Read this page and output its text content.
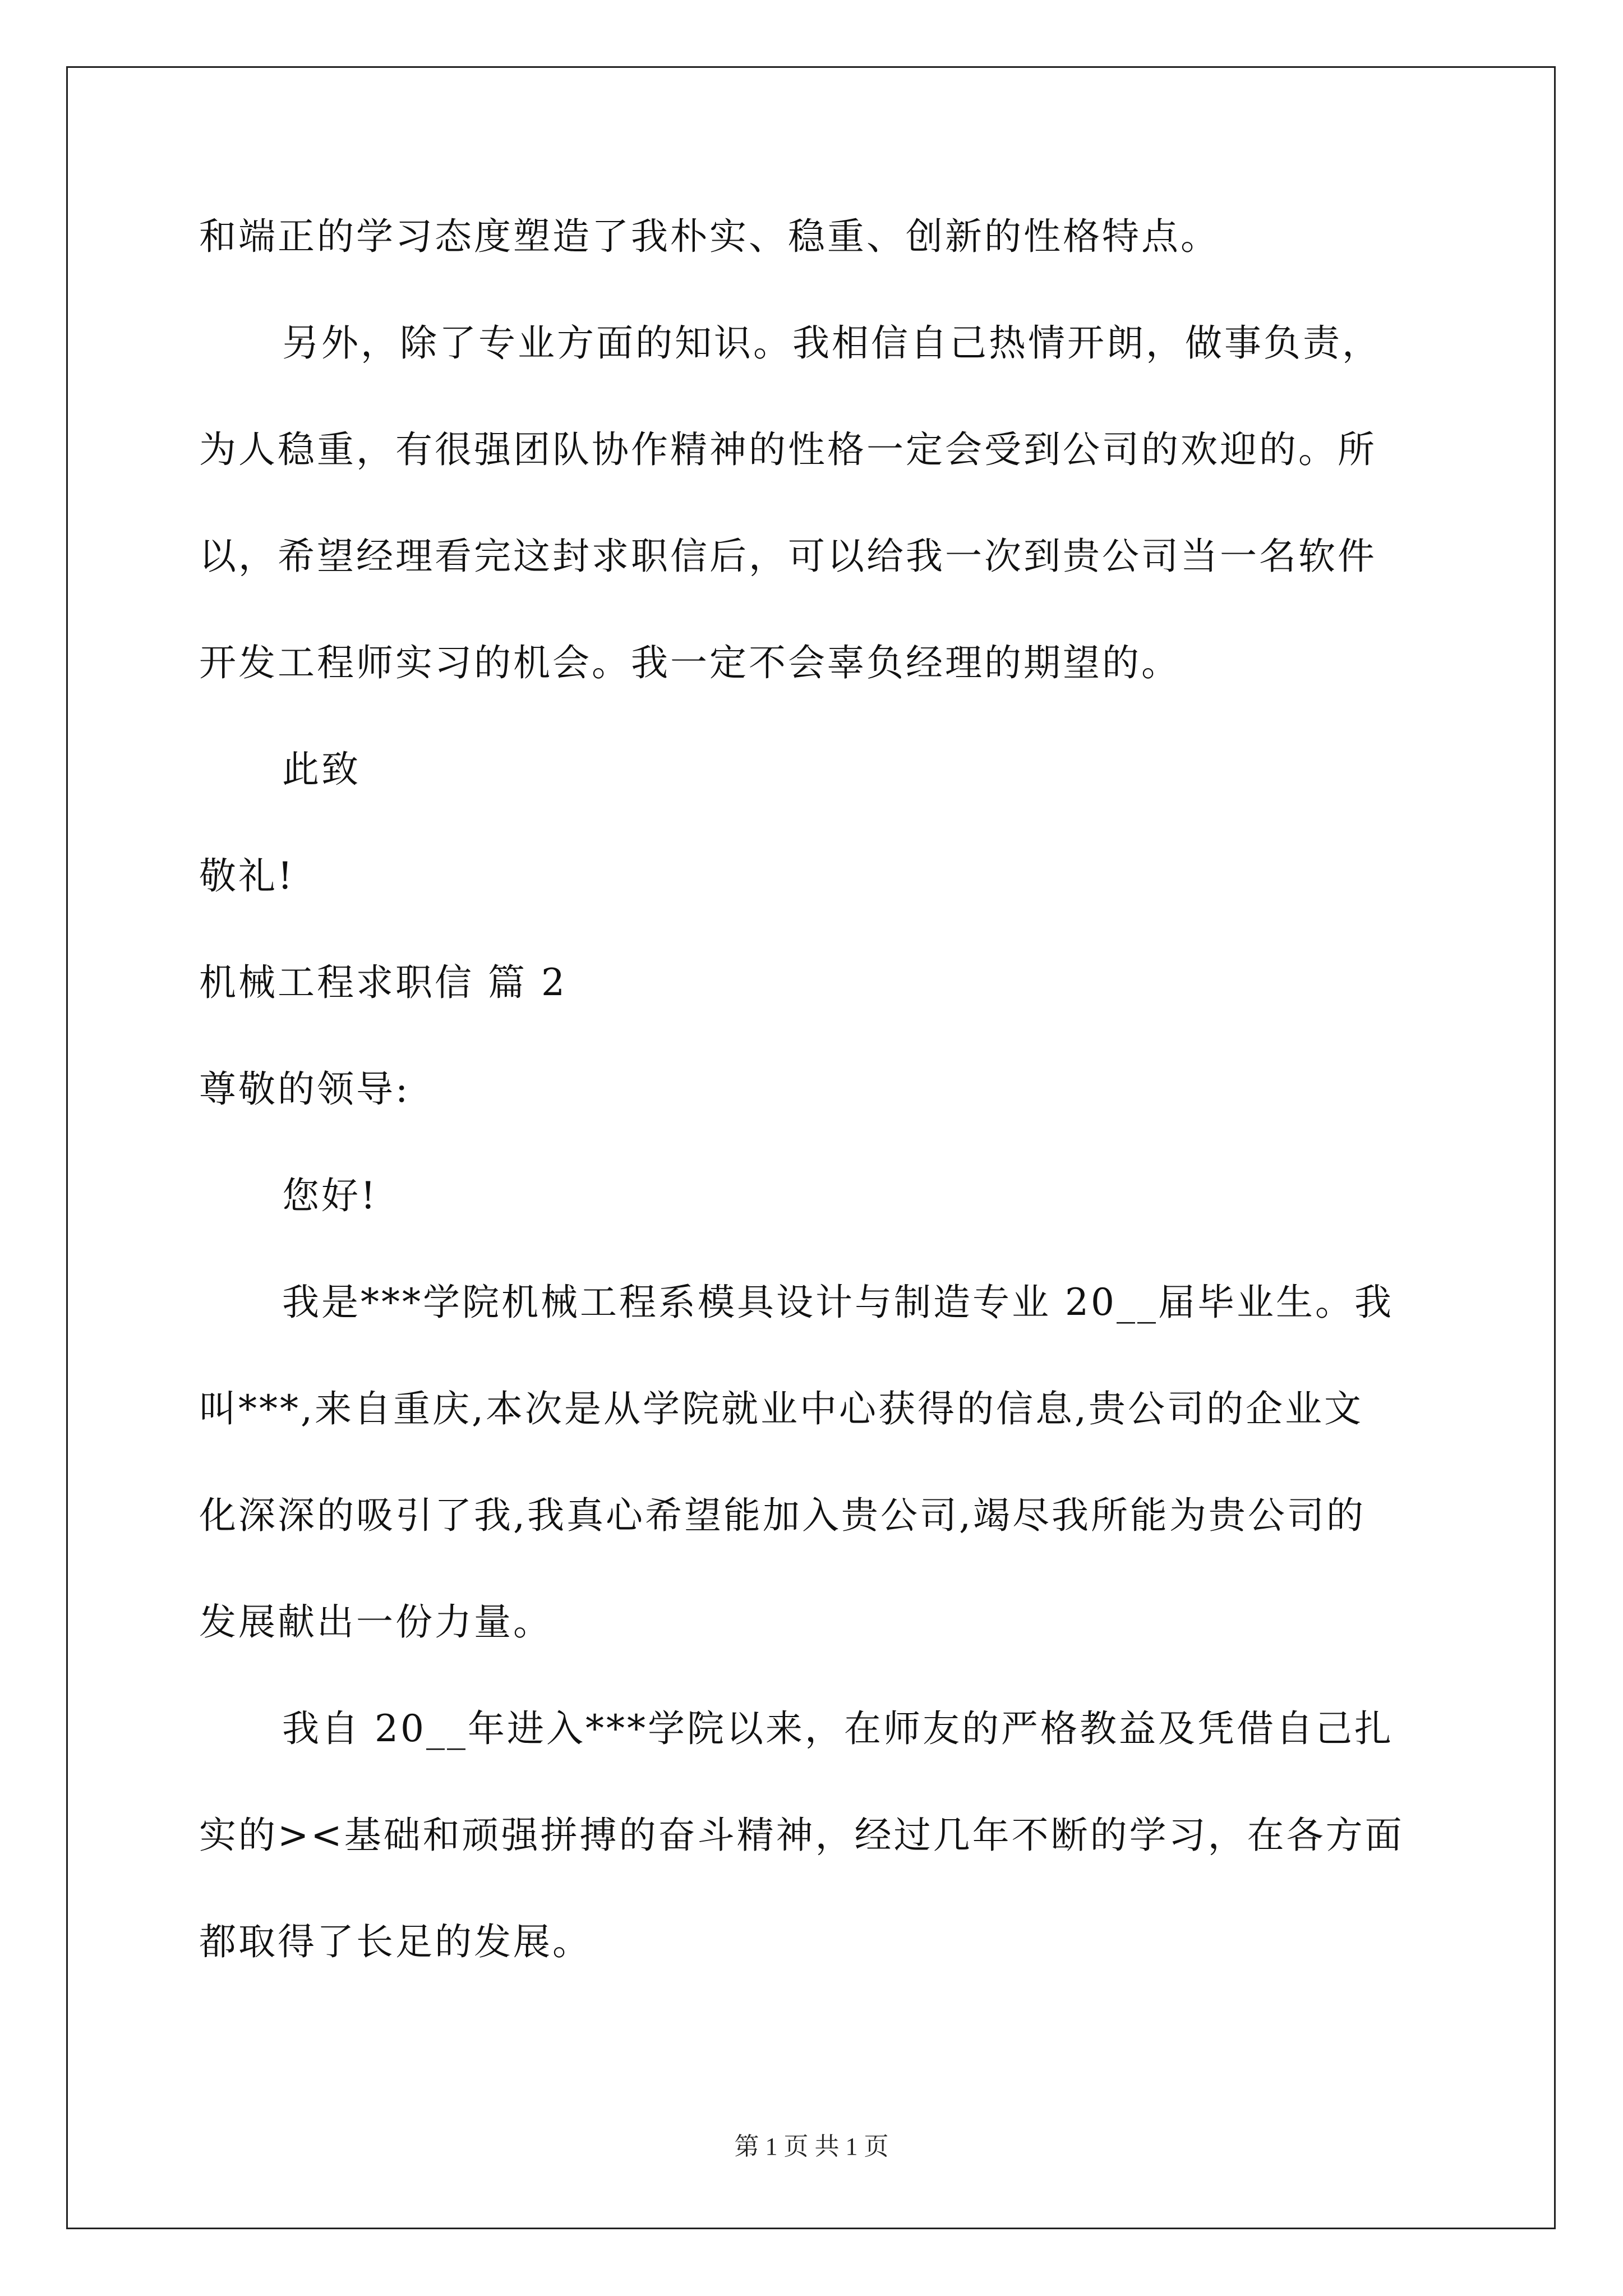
和端正的学习态度塑造了我朴实、稳重、创新的性格特点。
另外，除了专业方面的知识。我相信自己热情开朗，做事负责，
为人稳重，有很强团队协作精神的性格一定会受到公司的欢迎的。所
以，希望经理看完这封求职信后，可以给我一次到贵公司当一名软件
开发工程师实习的机会。我一定不会辜负经理的期望的。
此致
敬礼!
机械工程求职信 篇 2
尊敬的领导:
您好!
我是***学院机械工程系模具设计与制造专业 20__届毕业生。我
叫***,来自重庆,本次是从学院就业中心获得的信息,贵公司的企业文
化深深的吸引了我,我真心希望能加入贵公司,竭尽我所能为贵公司的
发展献出一份力量。
我自 20__年进入***学院以来，在师友的严格教益及凭借自己扎
实的><基础和顽强拼搏的奋斗精神，经过几年不断的学习，在各方面
都取得了长足的发展。
第 1 页 共 1 页
